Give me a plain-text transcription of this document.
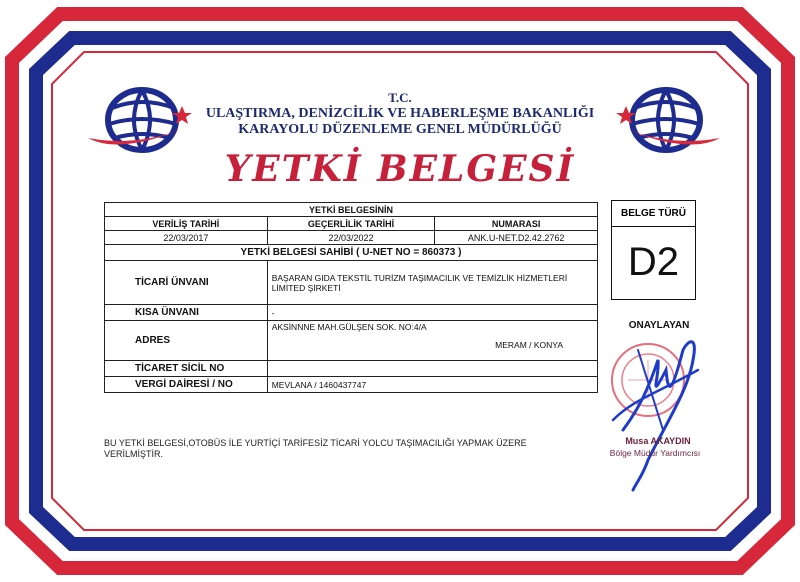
T.C.
ULAŞTIRMA, DENİZCİLİK VE HABERLEŞME BAKANLIĞI
KARAYOLU DÜZENLEME GENEL MÜDÜRLÜĞÜ
YETKİ BELGESİ
YETKİ BELGESİNİN		
VERİLİŞ TARİHİ	GEÇERLİLİK TARİHİ	NUMARASI
22/03/2017	22/03/2022	ANK.U-NET.D2.42.2762
YETKİ BELGESİ SAHİBİ ( U-NET NO = 860373 )		
TİCARİ ÜNVANI	BAŞARAN GIDA TEKSTİL TURİZM TAŞIMACILIK VE TEMİZLİK HİZMETLERİ LİMİTED ŞİRKETİ	
KISA ÜNVANI	-	
ADRES	AKSİNNNE MAH.GÜLŞEN SOK. NO:4/A
MERAM / KONYA	

TİCARET SİCİL NO		
VERGİ DAİRESİ / NO	MEVLANA / 1460437747	
BELGE TÜRÜ
D2
ONAYLAYAN
Musa AKAYDIN
Bölge Müdür Yardımcısı
BU YETKİ BELGESİ,OTOBÜS İLE YURTİÇİ TARİFESİZ TİCARİ YOLCU TAŞIMACILIĞI YAPMAK ÜZERE VERİLMİŞTİR.
